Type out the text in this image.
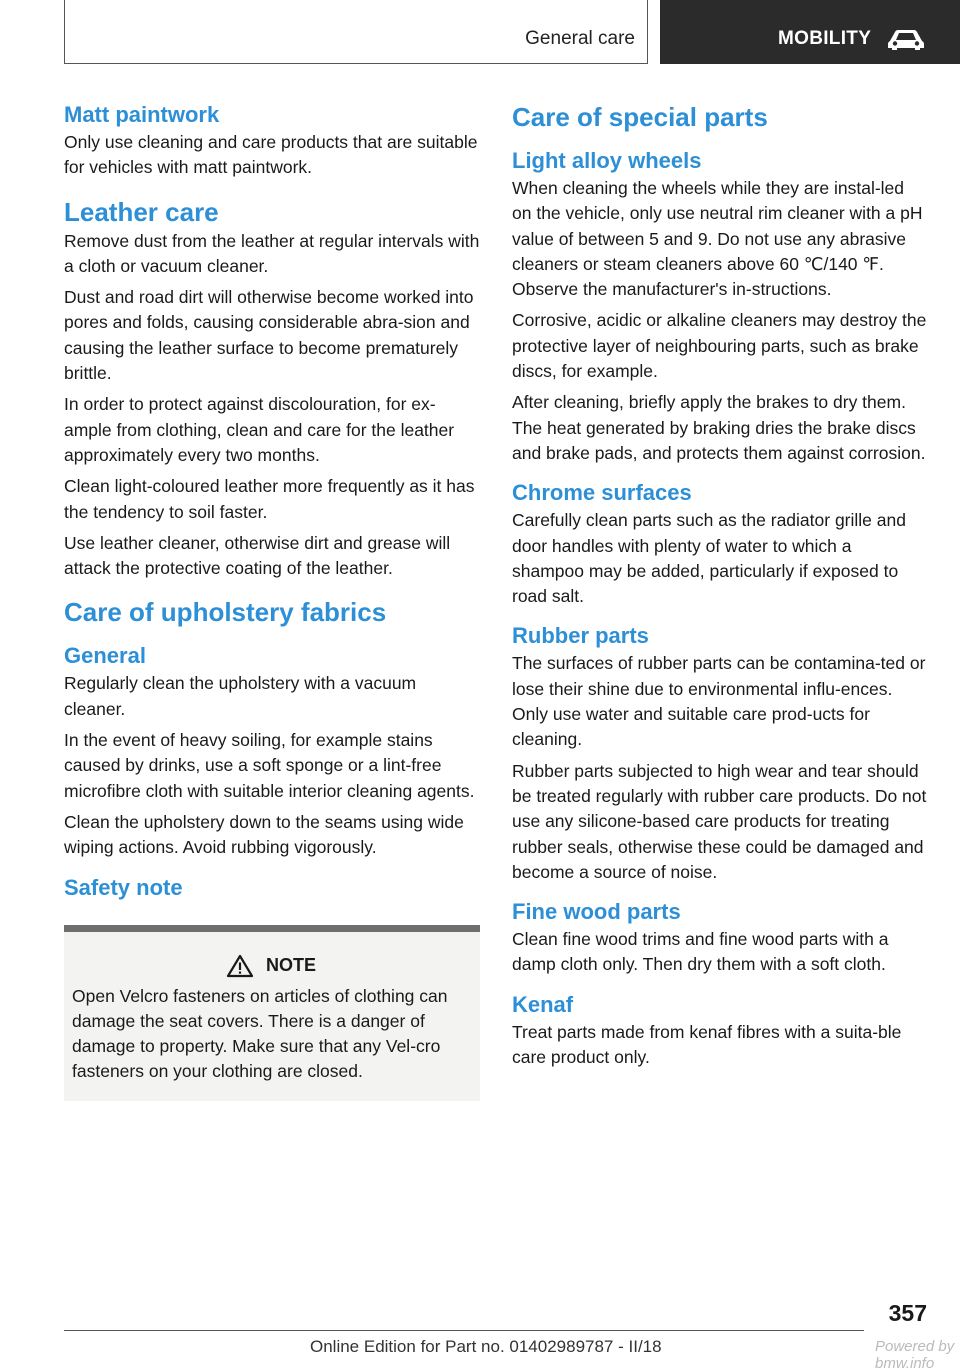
General care	MOBILITY
Matt paintwork

Only use cleaning and care products that are suitable for vehicles with matt paintwork.

Leather care

Remove dust from the leather at regular intervals with a cloth or vacuum cleaner.

Dust and road dirt will otherwise become worked into pores and folds, causing considerable abra-sion and causing the leather surface to become prematurely brittle.

In order to protect against discolouration, for ex-ample from clothing, clean and care for the leather approximately every two months.

Clean light-coloured leather more frequently as it has the tendency to soil faster.

Use leather cleaner, otherwise dirt and grease will attack the protective coating of the leather.

Care of upholstery fabrics
General

Regularly clean the upholstery with a vacuum cleaner.

In the event of heavy soiling, for example stains caused by drinks, use a soft sponge or a lint-free microfibre cloth with suitable interior cleaning agents.

Clean the upholstery down to the seams using wide wiping actions. Avoid rubbing vigorously.

Safety note
NOTE

Open Velcro fasteners on articles of clothing can damage the seat covers. There is a danger of damage to property. Make sure that any Vel-cro fasteners on your clothing are closed.

Care of special parts
Light alloy wheels

When cleaning the wheels while they are instal-led on the vehicle, only use neutral rim cleaner with a pH value of between 5 and 9. Do not use any abrasive cleaners or steam cleaners above 60 ℃/140 ℉. Observe the manufacturer's in-structions.

Corrosive, acidic or alkaline cleaners may destroy the protective layer of neighbouring parts, such as brake discs, for example.

After cleaning, briefly apply the brakes to dry them. The heat generated by braking dries the brake discs and brake pads, and protects them against corrosion.

Chrome surfaces

Carefully clean parts such as the radiator grille and door handles with plenty of water to which a shampoo may be added, particularly if exposed to road salt.

Rubber parts

The surfaces of rubber parts can be contamina-ted or lose their shine due to environmental influ-ences. Only use water and suitable care prod-ucts for cleaning.

Rubber parts subjected to high wear and tear should be treated regularly with rubber care products. Do not use any silicone-based care products for treating rubber seals, otherwise these could be damaged and become a source of noise.

Fine wood parts

Clean fine wood trims and fine wood parts with a damp cloth only. Then dry them with a soft cloth.

Kenaf

Treat parts made from kenaf fibres with a suita-ble care product only.

357
Online Edition for Part no. 01402989787 - II/18	Powered by bmw.info
